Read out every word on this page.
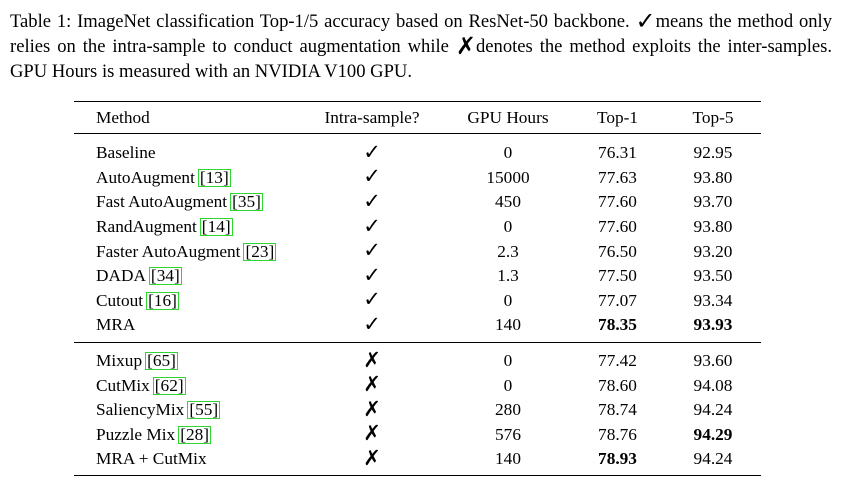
Table 1: ImageNet classification Top-1/5 accuracy based on ResNet-50 backbone. ✓means the method only relies on the intra-sample to conduct augmentation while ✗denotes the method exploits the inter-samples. GPU Hours is measured with an NVIDIA V100 GPU.
Method	Intra-sample?	GPU Hours	Top-1	Top-5
Baseline	✓	0	76.31	92.95
AutoAugment [13]	✓	15000	77.63	93.80
Fast AutoAugment [35]	✓	450	77.60	93.70
RandAugment [14]	✓	0	77.60	93.80
Faster AutoAugment [23]	✓	2.3	76.50	93.20
DADA [34]	✓	1.3	77.50	93.50
Cutout [16]	✓	0	77.07	93.34
MRA	✓	140	78.35	93.93
Mixup [65]	✗	0	77.42	93.60
CutMix [62]	✗	0	78.60	94.08
SaliencyMix [55]	✗	280	78.74	94.24
Puzzle Mix [28]	✗	576	78.76	94.29
MRA + CutMix	✗	140	78.93	94.24
